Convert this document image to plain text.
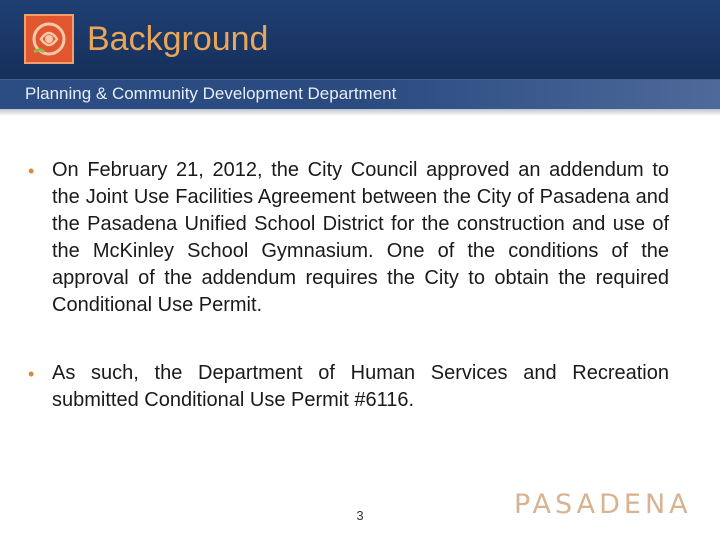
Background
Planning & Community Development Department
• On February 21, 2012, the City Council approved an addendum to the Joint Use Facilities Agreement between the City of Pasadena and the Pasadena Unified School District for the construction and use of the McKinley School Gymnasium. One of the conditions of the approval of the addendum requires the City to obtain the required Conditional Use Permit.
• As such, the Department of Human Services and Recreation submitted Conditional Use Permit #6116.
3	PASADENA
